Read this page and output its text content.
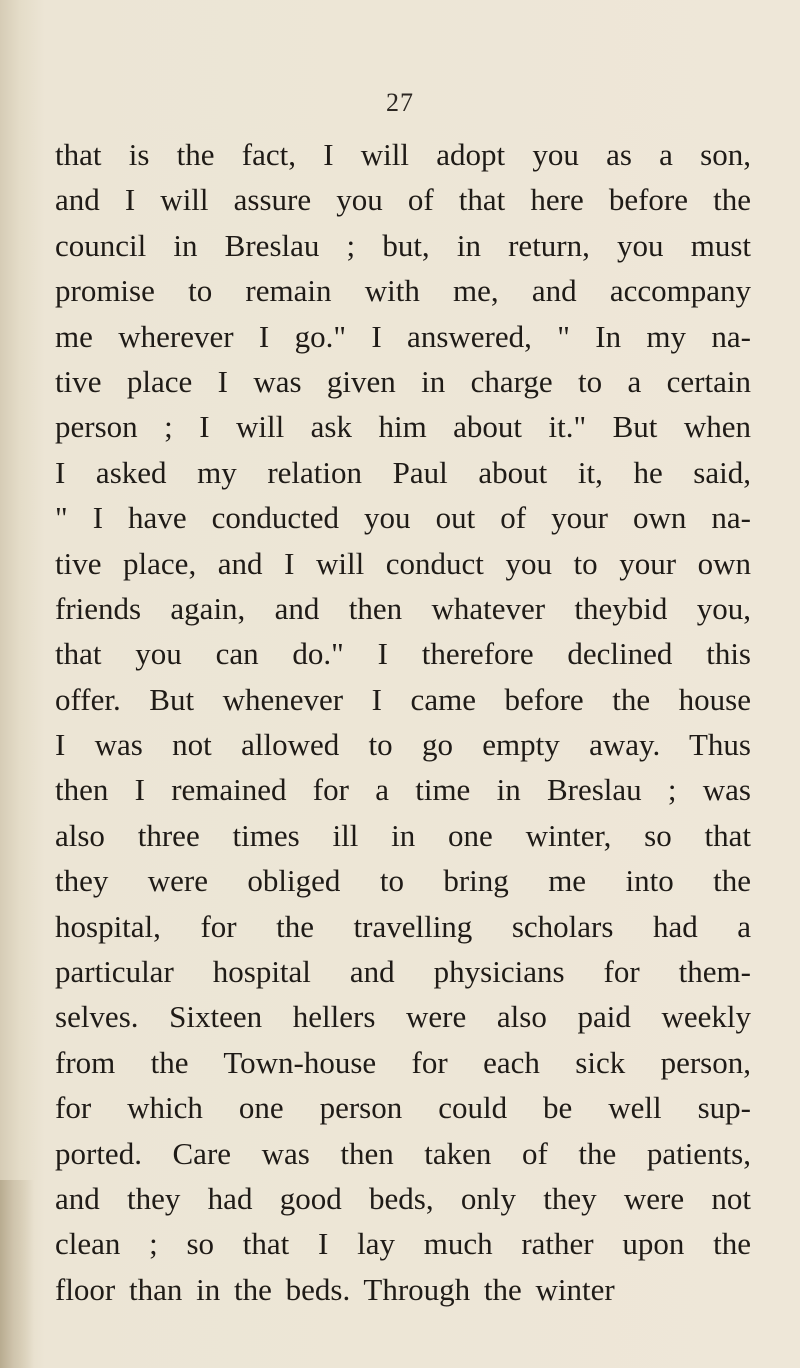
27
that is the fact, I will adopt you as a son,
and I will assure you of that here before the
council in Breslau ; but, in return, you must
promise to remain with me, and accompany
me wherever I go." I answered, " In my na-
tive place I was given in charge to a certain
person ; I will ask him about it." But when
I asked my relation Paul about it, he said,
" I have conducted you out of your own na-
tive place, and I will conduct you to your own
friends again, and then whatever theybid you,
that you can do." I therefore declined this
offer. But whenever I came before the house
I was not allowed to go empty away. Thus
then I remained for a time in Breslau ; was
also three times ill in one winter, so that
they were obliged to bring me into the
hospital, for the travelling scholars had a
particular hospital and physicians for them-
selves. Sixteen hellers were also paid weekly
from the Town-house for each sick person,
for which one person could be well sup-
ported. Care was then taken of the patients,
and they had good beds, only they were not
clean ; so that I lay much rather upon the
floor than in the beds. Through the winter
